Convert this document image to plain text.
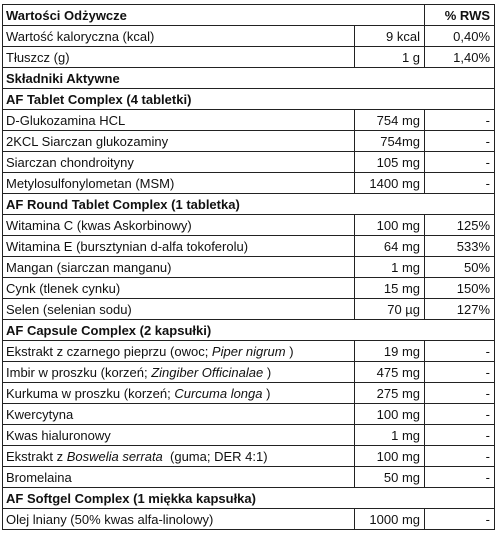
Wartości Odżywcze		% RWS
Wartość kaloryczna (kcal)	9 kcal	0,40%
Tłuszcz (g)	1 g	1,40%
Składniki Aktywne		
AF Tablet Complex (4 tabletki)		
D-Glukozamina HCL	754 mg	-
2KCL Siarczan glukozaminy	754mg	-
Siarczan chondroityny	105 mg	-
Metylosulfonylometan (MSM)	1400 mg	-
AF Round Tablet Complex (1 tabletka)		
Witamina C (kwas Askorbinowy)	100 mg	125%
Witamina E (bursztynian d-alfa tokoferolu)	64 mg	533%
Mangan (siarczan manganu)	1 mg	50%
Cynk (tlenek cynku)	15 mg	150%
Selen (selenian sodu)	70 µg	127%
AF Capsule Complex (2 kapsułki)		
Ekstrakt z czarnego pieprzu (owoc; Piper nigrum )	19 mg	-
Imbir w proszku (korzeń; Zingiber Officinalae )	475 mg	-
Kurkuma w proszku (korzeń; Curcuma longa )	275 mg	-
Kwercytyna	100 mg	-
Kwas hialuronowy	1 mg	-
Ekstrakt z Boswelia serrata  (guma; DER 4:1)	100 mg	-
Bromelaina	50 mg	-
AF Softgel Complex (1 miękka kapsułka)		
Olej lniany (50% kwas alfa-linolowy)	1000 mg	-
